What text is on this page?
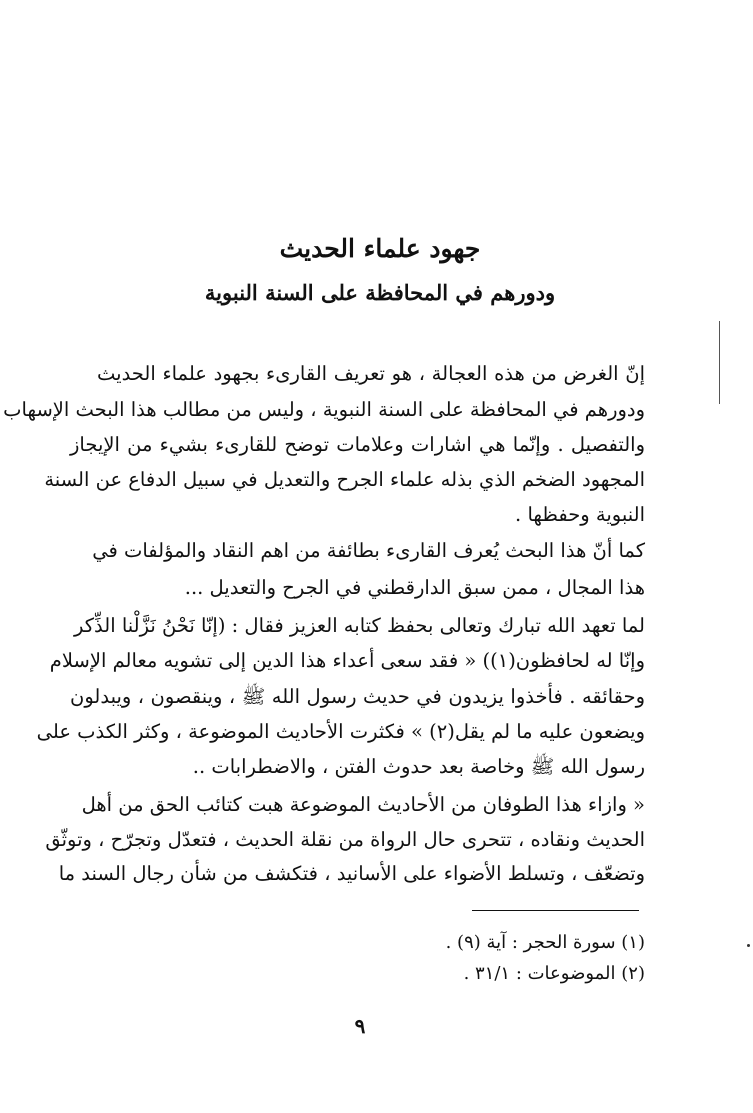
جهود علماء الحديث
ودورهم في المحافظة على السنة النبوية
إنّ الغرض من هذه العجالة ، هو تعريف القارىء بجهود علماء الحديث
ودورهم في المحافظة على السنة النبوية ، وليس من مطالب هذا البحث الإسهاب
والتفصيل . وإنّما هي اشارات وعلامات توضح للقارىء بشيء من الإيجاز
المجهود الضخم الذي بذله علماء الجرح والتعديل في سبيل الدفاع عن السنة
النبوية وحفظها .
كما أنّ هذا البحث يُعرف القارىء بطائفة من اهم النقاد والمؤلفات في
هذا المجال ، ممن سبق الدارقطني في الجرح والتعديل ...
لما تعهد الله تبارك وتعالى بحفظ كتابه العزيز فقال : (إنّا نَحْنُ نَزَّلْنا الذِّكر
وإنّا له لحافظون(١)) « فقد سعى أعداء هذا الدين إلى تشويه معالم الإسلام
وحقائقه . فأخذوا يزيدون في حديث رسول الله ﷺ ، وينقصون ، ويبدلون
ويضعون عليه ما لم يقل(٢) » فكثرت الأحاديث الموضوعة ، وكثر الكذب على
رسول الله ﷺ وخاصة بعد حدوث الفتن ، والاضطرابات ..
« وازاء هذا الطوفان من الأحاديث الموضوعة هبت كتائب الحق من أهل
الحديث ونقاده ، تتحرى حال الرواة من نقلة الحديث ، فتعدّل وتجرّح ، وتوثّق
وتضعّف ، وتسلط الأضواء على الأسانيد ، فتكشف من شأن رجال السند ما
(١) سورة الحجر : آية (٩) .
(٢) الموضوعات : ٣١/١ .
٩
